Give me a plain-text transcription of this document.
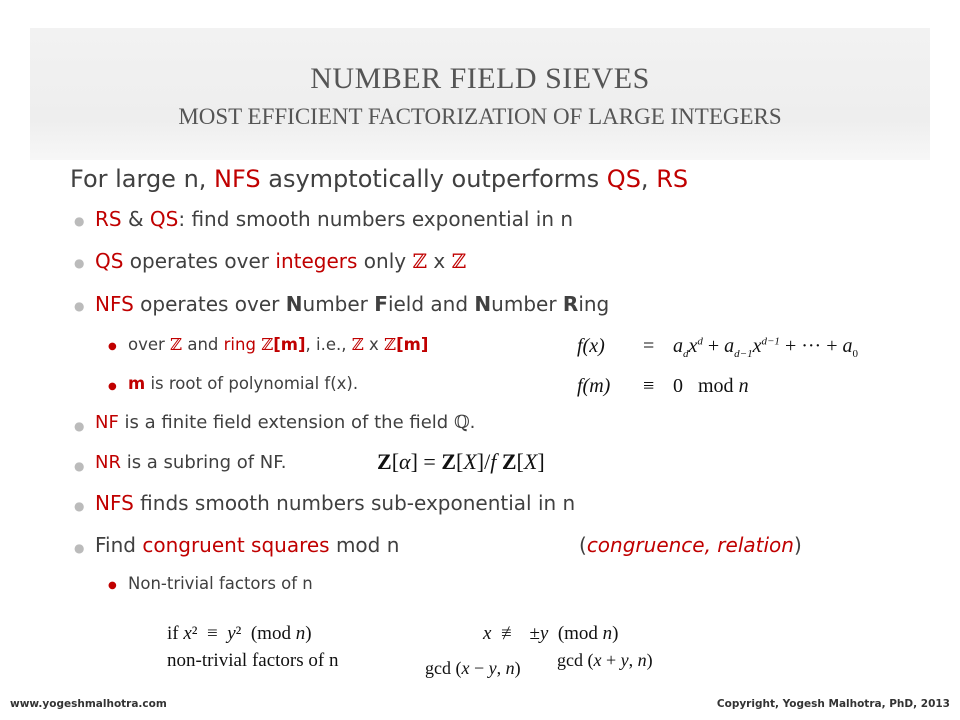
NUMBER FIELD SIEVES
MOST EFFICIENT FACTORIZATION OF LARGE INTEGERS
For large n, NFS asymptotically outperforms QS, RS
● RS & QS: find smooth numbers exponential in n
● QS operates over integers only ℤ x ℤ
● NFS operates over Number Field and Number Ring
● over ℤ and ring ℤ[m], i.e., ℤ x ℤ[m]
● m is root of polynomial f(x).
● NF is a finite field extension of the field ℚ.
● NR is a subring of NF.
● NFS finds smooth numbers sub-exponential in n
● Find congruent squares mod n	(congruence, relation)
● Non-trivial factors of n
$f(x) = a_dx^d + a_{d-1}x^{d-1}$ + ··· + $a_0$
f(m) ≡ 0   mod n
Z[α] = Z[X]/f Z[X]
if x²  ≡  y²  (mod n)	x  ≢  ±y  (mod n)
non-trivial factors of n	gcd (x − y, n) gcd (x + y, n)
www.yogeshmalhotra.com	Copyright, Yogesh Malhotra, PhD, 2013
